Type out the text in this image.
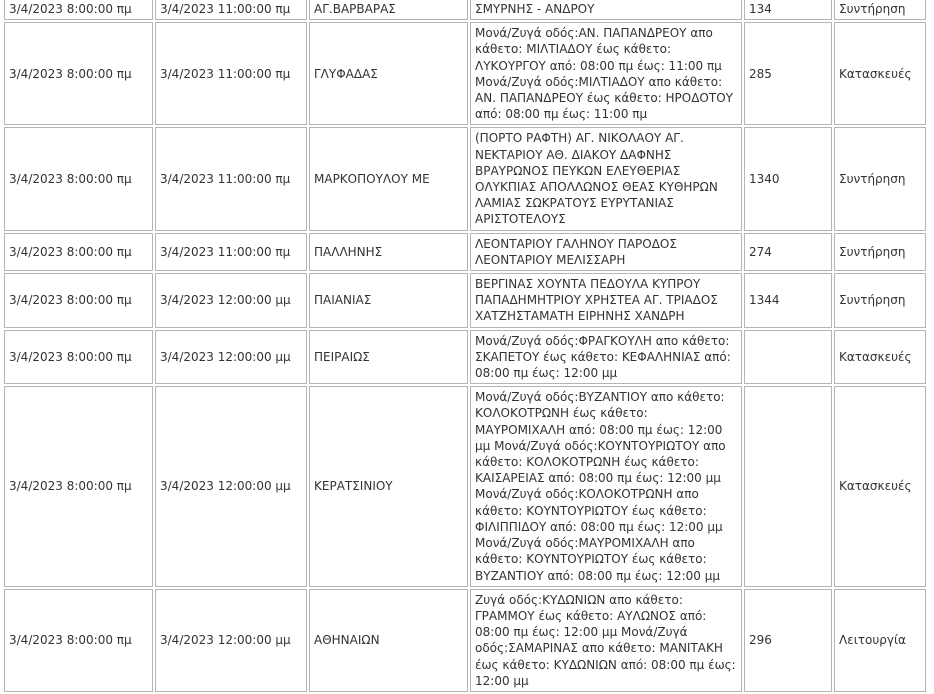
3/4/2023 8:00:00 πμ	3/4/2023 11:00:00 πμ	ΑΓ.ΒΑΡΒΑΡΑΣ	ΣΜΥΡΝΗΣ - ΑΝΔΡΟΥ	134	Συντήρηση
3/4/2023 8:00:00 πμ	3/4/2023 11:00:00 πμ	ΓΛΥΦΑΔΑΣ	Μονά/Ζυγά οδός:ΑΝ. ΠΑΠΑΝΔΡΕΟΥ απο κάθετο: ΜΙΛΤΙΑΔΟΥ έως κάθετο: ΛΥΚΟΥΡΓΟΥ από: 08:00 πμ έως: 11:00 πμ Μονά/Ζυγά οδός:ΜΙΛΤΙΑΔΟΥ απο κάθετο: ΑΝ. ΠΑΠΑΝΔΡΕΟΥ έως κάθετο: ΗΡΟΔΟΤΟΥ από: 08:00 πμ έως: 11:00 πμ	285	Κατασκευές
3/4/2023 8:00:00 πμ	3/4/2023 11:00:00 πμ	ΜΑΡΚΟΠΟΥΛΟΥ ΜΕ	(ΠΟΡΤΟ ΡΑΦΤΗ) ΑΓ. ΝΙΚΟΛΑΟΥ ΑΓ. ΝΕΚΤΑΡΙΟΥ ΑΘ. ΔΙΑΚΟΥ ΔΑΦΝΗΣ ΒΡΑΥΡΩΝΟΣ ΠΕΥΚΩΝ ΕΛΕΥΘΕΡΙΑΣ ΟΛΥΚΠΙΑΣ ΑΠΟΛΛΩΝΟΣ ΘΕΑΣ ΚΥΘΗΡΩΝ ΛΑΜΙΑΣ ΣΩΚΡΑΤΟΥΣ ΕΥΡΥΤΑΝΙΑΣ ΑΡΙΣΤΟΤΕΛΟΥΣ	1340	Συντήρηση
3/4/2023 8:00:00 πμ	3/4/2023 11:00:00 πμ	ΠΑΛΛΗΝΗΣ	ΛΕΟΝΤΑΡΙΟΥ ΓΑΛΗΝΟΥ ΠΑΡΟΔΟΣ ΛΕΟΝΤΑΡΙΟΥ ΜΕΛΙΣΣΑΡΗ	274	Συντήρηση
3/4/2023 8:00:00 πμ	3/4/2023 12:00:00 μμ	ΠΑΙΑΝΙΑΣ	ΒΕΡΓΙΝΑΣ ΧΟΥΝΤΑ ΠΕΔΟΥΛΑ ΚΥΠΡΟΥ ΠΑΠΑΔΗΜΗΤΡΙΟΥ ΧΡΗΣΤΕΑ ΑΓ. ΤΡΙΑΔΟΣ ΧΑΤΖΗΣΤΑΜΑΤΗ ΕΙΡΗΝΗΣ ΧΑΝΔΡΗ	1344	Συντήρηση
3/4/2023 8:00:00 πμ	3/4/2023 12:00:00 μμ	ΠΕΙΡΑΙΩΣ	Μονά/Ζυγά οδός:ΦΡΑΓΚΟΥΛΗ απο κάθετο: ΣΚΑΠΕΤΟΥ έως κάθετο: ΚΕΦΑΛΗΝΙΑΣ από: 08:00 πμ έως: 12:00 μμ		Κατασκευές
3/4/2023 8:00:00 πμ	3/4/2023 12:00:00 μμ	ΚΕΡΑΤΣΙΝΙΟΥ	Μονά/Ζυγά οδός:ΒΥΖΑΝΤΙΟΥ απο κάθετο: ΚΟΛΟΚΟΤΡΩΝΗ έως κάθετο: ΜΑΥΡΟΜΙΧΑΛΗ από: 08:00 πμ έως: 12:00 μμ Μονά/Ζυγά οδός:ΚΟΥΝΤΟΥΡΙΩΤΟΥ απο κάθετο: ΚΟΛΟΚΟΤΡΩΝΗ έως κάθετο: ΚΑΙΣΑΡΕΙΑΣ από: 08:00 πμ έως: 12:00 μμ Μονά/Ζυγά οδός:ΚΟΛΟΚΟΤΡΩΝΗ απο κάθετο: ΚΟΥΝΤΟΥΡΙΩΤΟΥ έως κάθετο: ΦΙΛΙΠΠΙΔΟΥ από: 08:00 πμ έως: 12:00 μμ Μονά/Ζυγά οδός:ΜΑΥΡΟΜΙΧΑΛΗ απο κάθετο: ΚΟΥΝΤΟΥΡΙΩΤΟΥ έως κάθετο: ΒΥΖΑΝΤΙΟΥ από: 08:00 πμ έως: 12:00 μμ		Κατασκευές
3/4/2023 8:00:00 πμ	3/4/2023 12:00:00 μμ	ΑΘΗΝΑΙΩΝ	Ζυγά οδός:ΚΥΔΩΝΙΩΝ απο κάθετο: ΓΡΑΜΜΟΥ έως κάθετο: ΑΥΛΩΝΟΣ από: 08:00 πμ έως: 12:00 μμ Μονά/Ζυγά οδός:ΣΑΜΑΡΙΝΑΣ απο κάθετο: ΜΑΝΙΤΑΚΗ έως κάθετο: ΚΥΔΩΝΙΩΝ από: 08:00 πμ έως: 12:00 μμ	296	Λειτουργία
